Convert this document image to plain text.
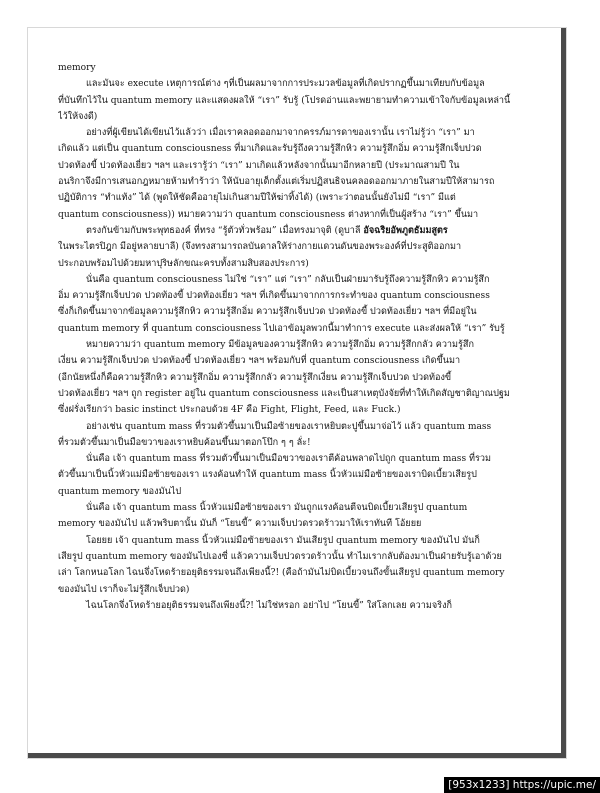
memory
และมันจะ execute เหตุการณ์ต่าง ๆที่เป็นผลมาจากการประมวลข้อมูลที่เกิดปรากฏขึ้นมาเทียบกับข้อมูล
ที่บันทึกไว้ใน quantum memory และแสดงผลให้ “เรา” รับรู้ (โปรดอ่านและพยายามทำความเข้าใจกับข้อมูลเหล่านี้
ไว้ให้จงดี)
อย่างที่ผู้เขียนได้เขียนไว้แล้วว่า เมื่อเราคลอดออกมาจากครรภ์มารดาของเรานั้น เราไม่รู้ว่า “เรา” มา
เกิดแล้ว แต่เป็น quantum consciousness ที่มาเกิดและรับรู้ถึงความรู้สึกหิว ความรู้สึกอิ่ม ความรู้สึกเจ็บปวด
ปวดท้องขี้ ปวดท้องเยี่ยว ฯลฯ และเรารู้ว่า “เรา” มาเกิดแล้วหลังจากนั้นมาอีกหลายปี (ประมาณสามปี ใน
อนริกาจึงมีการเสนอกฎหมายห้ามทำร้าว่า ให้นับอายุเด็กตั้งแต่เริ่มปฏิสนธิจนคลอดออกมาภายในสามปีให้สามารถ
ปฏิบัติการ “ทำแท้ง” ได้ (พูดให้ชัดคืออายุไม่เกินสามปีให้ฆ่าทิ้งได้) (เพราะว่าตอนนั้นยังไม่มี “เรา” มีแต่
quantum consciousness)) หมายความว่า quantum consciousness ต่างหากที่เป็นผู้สร้าง “เรา” ขึ้นมา
ตรงกันข้ามกับพระพุทธองค์ ที่ทรง “รู้ตัวทั่วพร้อม” เมื่อทรงมาจุติ (ดูบาลี อัจฉริยอัพภูตธัมมสูตร
ในพระไตรปิฎก มีอยู่หลายบาลี) (จึงทรงสามารถลบันดาลให้ร่างกายแดวนดันของพระองค์ที่ประสูติออกมา
ประกอบพร้อมไปด้วยมหาปุริษลักขณะครบทั้งสามสิบสองประการ)
นั่นคือ quantum consciousness ไม่ใช่ “เรา” แต่ “เรา” กลับเป็นฝ่ายมารับรู้ถึงความรู้สึกหิว ความรู้สึก
อิ่ม ความรู้สึกเจ็บปวด ปวดท้องขี้ ปวดท้องเยี่ยว ฯลฯ ที่เกิดขึ้นมาจากการกระทำของ quantum consciousness
ซึ่งก็เกิดขึ้นมาจากข้อมูลความรู้สึกหิว ความรู้สึกอิ่ม ความรู้สึกเจ็บปวด ปวดท้องขี้ ปวดท้องเยี่ยว ฯลฯ ที่มีอยู่ใน
quantum memory ที่ quantum consciousness ไปเอาข้อมูลพวกนี้มาทำการ execute และส่งผลให้ “เรา” รับรู้
หมายความว่า quantum memory มีข้อมูลของความรู้สึกหิว ความรู้สึกอิ่ม ความรู้สึกกลัว ความรู้สึก
เงี่ยน ความรู้สึกเจ็บปวด ปวดท้องขี้ ปวดท้องเยี่ยว ฯลฯ พร้อมกับที่ quantum consciousness เกิดขึ้นมา
(อีกนัยหนึ่งก็คือความรู้สึกหิว ความรู้สึกอิ่ม ความรู้สึกกลัว ความรู้สึกเงี่ยน ความรู้สึกเจ็บปวด ปวดท้องขี้
ปวดท้องเยี่ยว ฯลฯ ถูก register อยู่ใน quantum consciousness และเป็นสาเหตุบังจัยที่ทำให้เกิดสัญชาติญาณปฐม
ซึ่งฝรั่งเรียกว่า basic instinct ประกอบด้วย 4F คือ Fight, Flight, Feed, และ Fuck.)
อย่างเช่น quantum mass ที่รวมตัวขึ้นมาเป็นมือซ้ายของเราหยิบตะปูขึ้นมาจ่อไว้ แล้ว quantum mass
ที่รวมตัวขึ้นมาเป็นมือขวาของเราหยิบค้อนขึ้นมาตอกโป๊ก ๆ ๆ ลั่ะ!
นั่นคือ เจ้า quantum mass ที่รวมตัวขึ้นมาเป็นมือขวาของเราตีค้อนพลาดไปถูก quantum mass ที่รวม
ตัวขึ้นมาเป็นนิ้วหัวแม่มือซ้ายของเรา แรงค้อนทำให้ quantum mass นิ้วหัวแม่มือซ้ายของเราบิดเบี้ยวเสียรูป
quantum memory ของมันไป
นั่นคือ เจ้า quantum mass นิ้วหัวแม่มือซ้ายของเรา มันถูกแรงค้อนตีจนบิดเบี้ยวเสียรูป quantum
memory ของมันไป แล้วพริบตานั้น มันก็ “โยนขี้” ความเจ็บปวดรวดร้าวมาให้เราทันที โอ้ยยย
โอยยย เจ้า quantum mass นิ้วหัวแม่มือซ้ายของเรา มันเสียรูป quantum memory ของมันไป มันก็
เสียรูป quantum memory ของมันไปเองซี่ แล้วความเจ็บปวดรวดร้าวนั้น ทำไมเรากลับต้องมาเป็นฝ่ายรับรู้เอาด้วย
เล่า โลกหนอโลก ไฉนจึ่งโหดร้ายอยุติธรรมจนถึงเพียงนี้?! (คือถ้ามันไม่บิดเบี้ยวจนถึงขั้นเสียรูป quantum memory
ของมันไป เราก็จะไม่รู้สึกเจ็บปวด)
ไฉนโลกจึ่งโหดร้ายอยุติธรรมจนถึงเพียงนี้?! ไม่ใช่หรอก อย่าไป “โยนขี้” ใส่โลกเลย ความจริงก็
[953x1233] https://upic.me/
